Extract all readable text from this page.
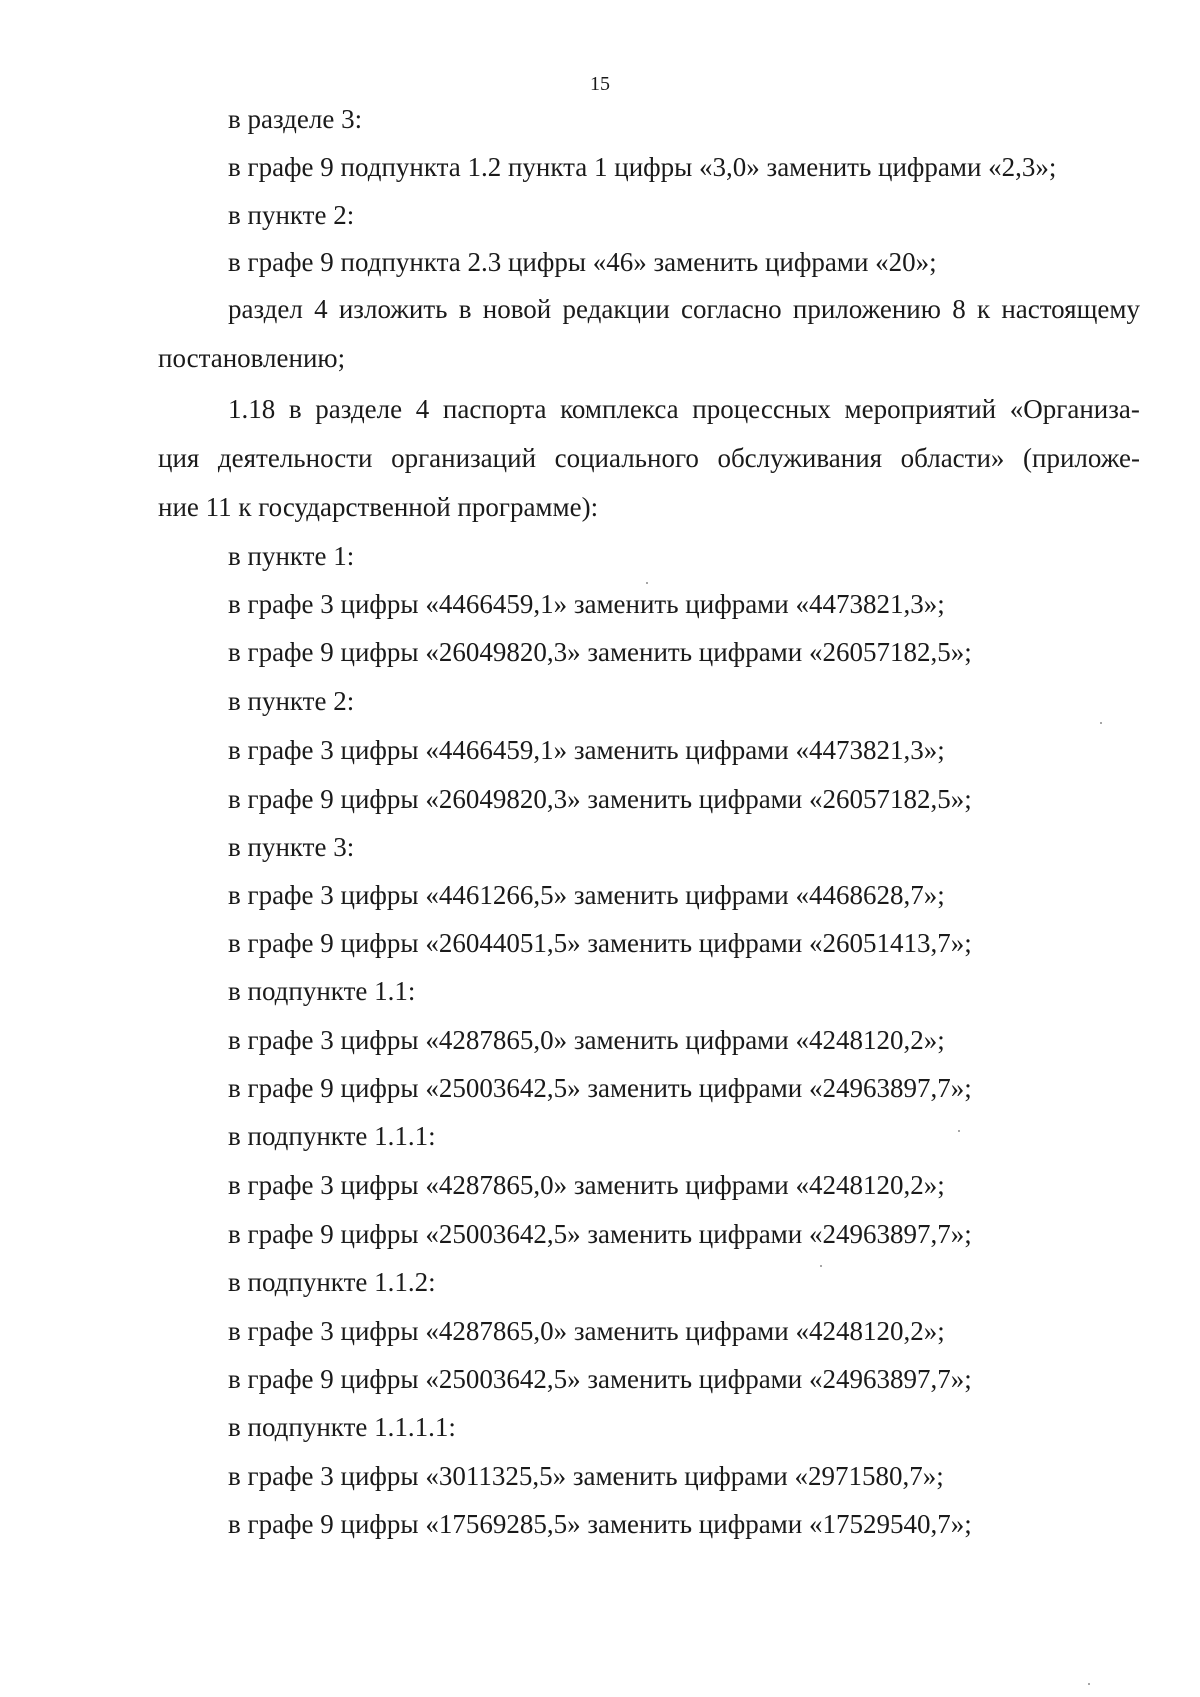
15
в разделе 3:
в графе 9 подпункта 1.2 пункта 1 цифры «3,0» заменить цифрами «2,3»;
в пункте 2:
в графе 9 подпункта 2.3 цифры «46» заменить цифрами «20»;
раздел 4 изложить в новой редакции согласно приложению 8 к настоящему
постановлению;
1.18 в разделе 4 паспорта комплекса процессных мероприятий «Организа-
ция деятельности организаций социального обслуживания области» (приложе-
ние 11 к государственной программе):
в пункте 1:
в графе 3 цифры «4466459,1» заменить цифрами «4473821,3»;
в графе 9 цифры «26049820,3» заменить цифрами «26057182,5»;
в пункте 2:
в графе 3 цифры «4466459,1» заменить цифрами «4473821,3»;
в графе 9 цифры «26049820,3» заменить цифрами «26057182,5»;
в пункте 3:
в графе 3 цифры «4461266,5» заменить цифрами «4468628,7»;
в графе 9 цифры «26044051,5» заменить цифрами «26051413,7»;
в подпункте 1.1:
в графе 3 цифры «4287865,0» заменить цифрами «4248120,2»;
в графе 9 цифры «25003642,5» заменить цифрами «24963897,7»;
в подпункте 1.1.1:
в графе 3 цифры «4287865,0» заменить цифрами «4248120,2»;
в графе 9 цифры «25003642,5» заменить цифрами «24963897,7»;
в подпункте 1.1.2:
в графе 3 цифры «4287865,0» заменить цифрами «4248120,2»;
в графе 9 цифры «25003642,5» заменить цифрами «24963897,7»;
в подпункте 1.1.1.1:
в графе 3 цифры «3011325,5» заменить цифрами «2971580,7»;
в графе 9 цифры «17569285,5» заменить цифрами «17529540,7»;
